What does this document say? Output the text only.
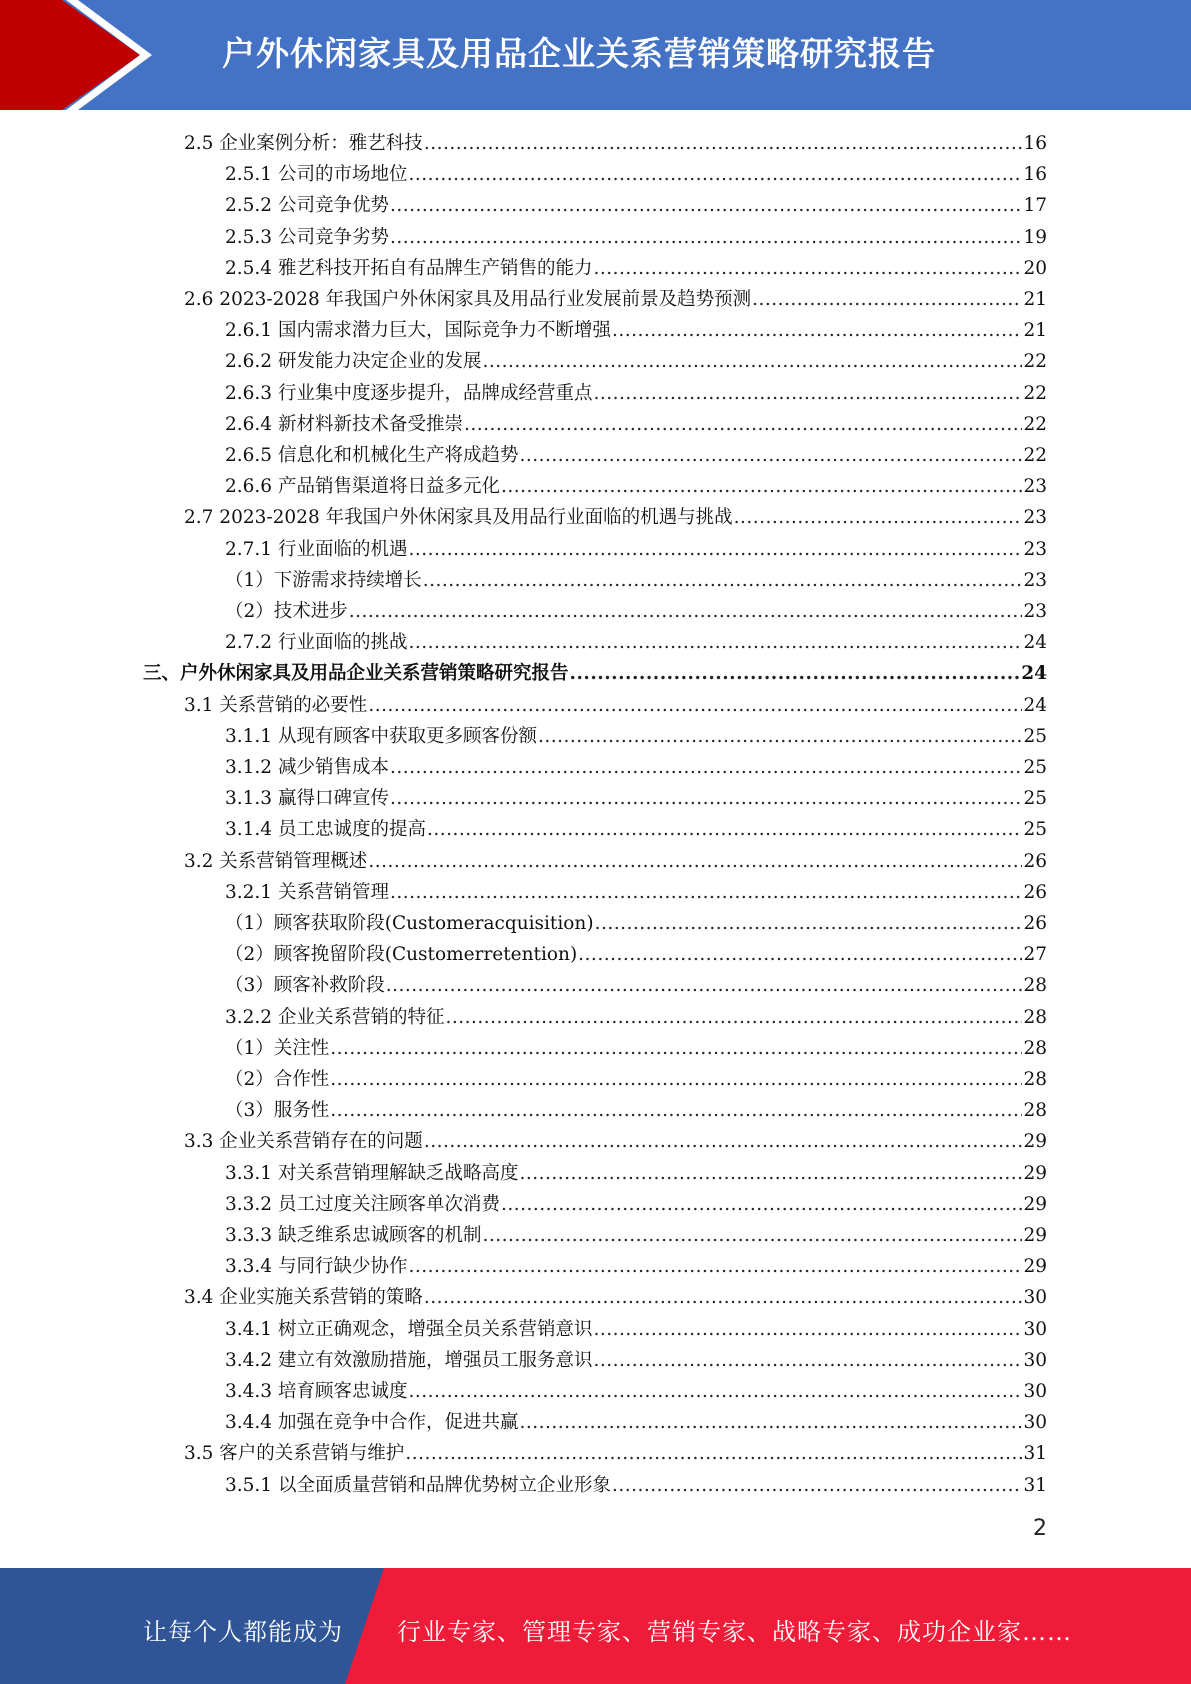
户外休闲家具及用品企业关系营销策略研究报告
2.5 企业案例分析：雅艺科技 .....	16
2.5.1 公司的市场地位 .....	16
2.5.2 公司竞争优势 .....	17
2.5.3 公司竞争劣势 .....	19
2.5.4 雅艺科技开拓自有品牌生产销售的能力 .....	20
2.6 2023-2028 年我国户外休闲家具及用品行业发展前景及趋势预测 .....	21
2.6.1 国内需求潜力巨大，国际竞争力不断增强 .....	21
2.6.2 研发能力决定企业的发展 .....	22
2.6.3 行业集中度逐步提升，品牌成经营重点 .....	22
2.6.4 新材料新技术备受推崇 .....	22
2.6.5 信息化和机械化生产将成趋势 .....	22
2.6.6 产品销售渠道将日益多元化 .....	23
2.7 2023-2028 年我国户外休闲家具及用品行业面临的机遇与挑战 .....	23
2.7.1 行业面临的机遇 .....	23
（1）下游需求持续增长 .....	23
（2）技术进步 .....	23
2.7.2 行业面临的挑战 .....	24
三、户外休闲家具及用品企业关系营销策略研究报告 .....	24
3.1 关系营销的必要性 .....	24
3.1.1 从现有顾客中获取更多顾客份额 .....	25
3.1.2 减少销售成本 .....	25
3.1.3 赢得口碑宣传 .....	25
3.1.4 员工忠诚度的提高 .....	25
3.2 关系营销管理概述 .....	26
3.2.1 关系营销管理 .....	26
（1）顾客获取阶段(Customeracquisition) .....	26
（2）顾客挽留阶段(Customerretention) .....	27
（3）顾客补救阶段 .....	28
3.2.2 企业关系营销的特征 .....	28
（1）关注性 .....	28
（2）合作性 .....	28
（3）服务性 .....	28
3.3 企业关系营销存在的问题 .....	29
3.3.1 对关系营销理解缺乏战略高度 .....	29
3.3.2 员工过度关注顾客单次消费 .....	29
3.3.3 缺乏维系忠诚顾客的机制 .....	29
3.3.4 与同行缺少协作 .....	29
3.4 企业实施关系营销的策略 .....	30
3.4.1 树立正确观念，增强全员关系营销意识 .....	30
3.4.2 建立有效激励措施，增强员工服务意识 .....	30
3.4.3 培育顾客忠诚度 .....	30
3.4.4 加强在竞争中合作，促进共赢 .....	30
3.5 客户的关系营销与维护 .....	31
3.5.1 以全面质量营销和品牌优势树立企业形象 .....	31
2
让每个人都能成为 行业专家、管理专家、营销专家、战略专家、成功企业家……
